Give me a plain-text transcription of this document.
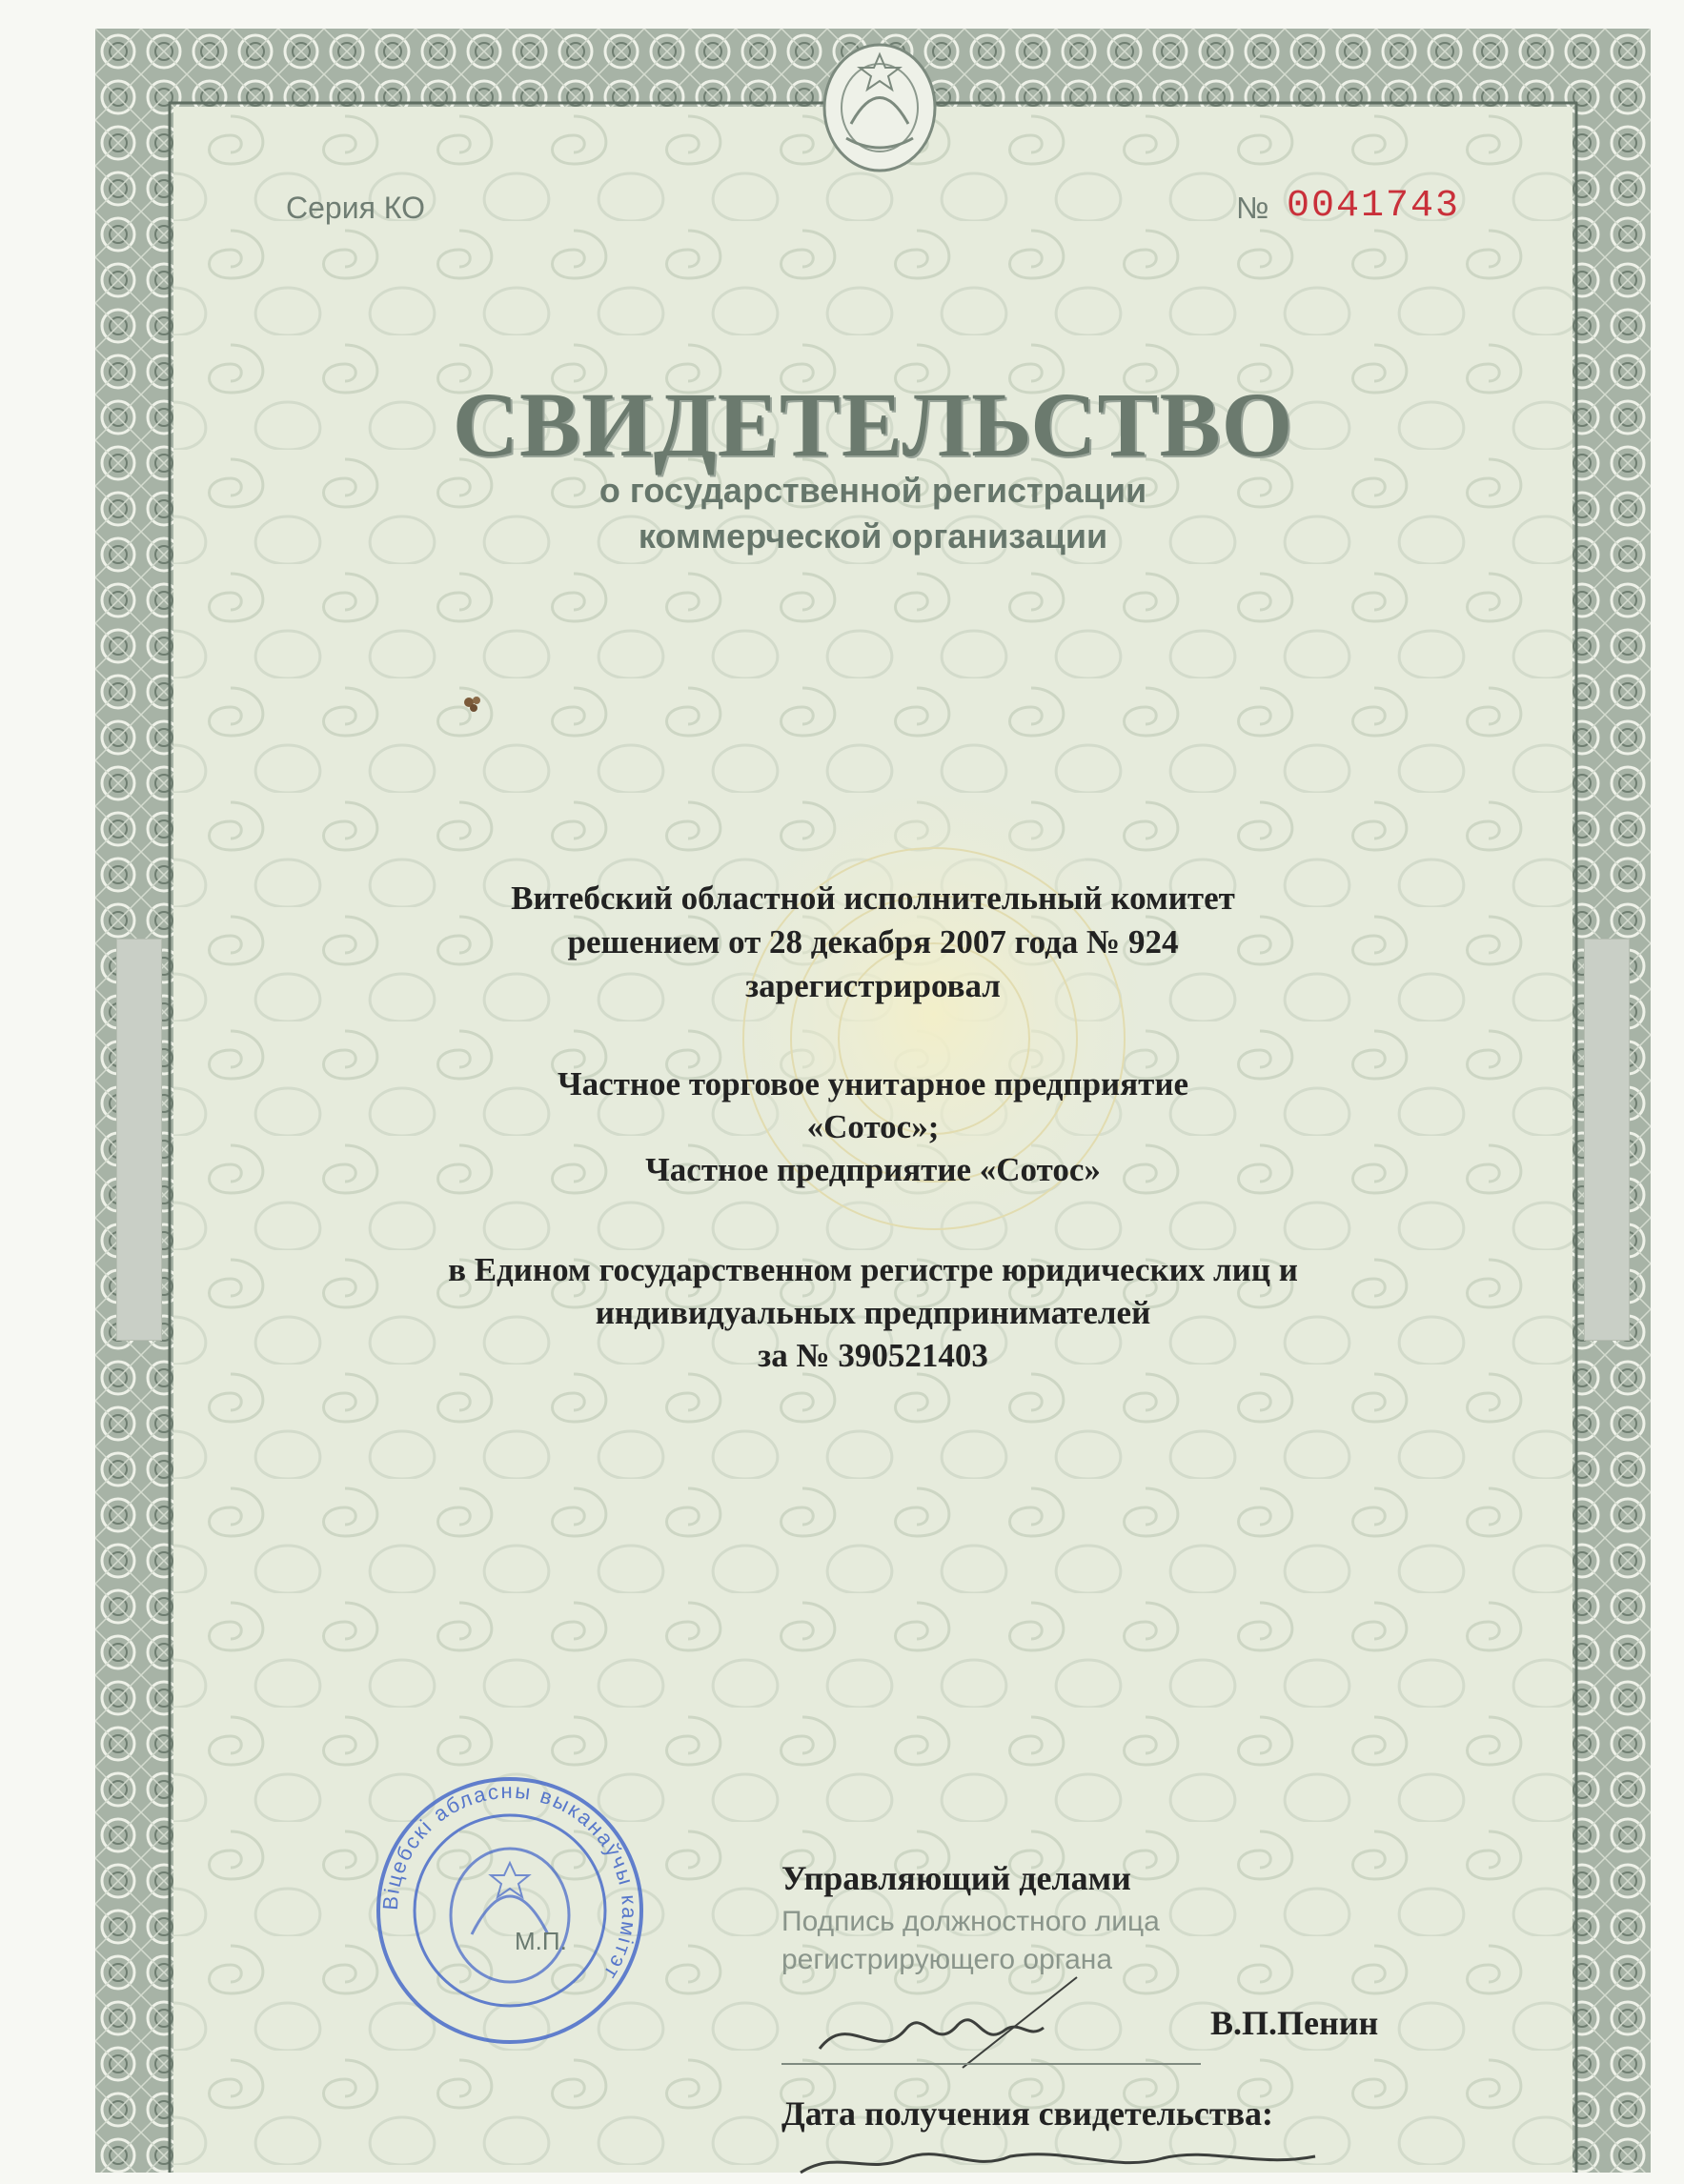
Серия КО	№ 0041743
СВИДЕТЕЛЬСТВО
о государственной регистрации
коммерческой организации
Витебский областной исполнительный комитет
решением от 28 декабря 2007 года № 924
зарегистрировал
Частное торговое унитарное предприятие
«Сотос»;
Частное предприятие «Сотос»
в Едином государственном регистре юридических лиц и
индивидуальных предпринимателей
за № 390521403
Віцебскі абласны выканаўчы камітэт
М.П.
Управляющий делами
Подпись должностного лица
регистрирующего органа
В.П.Пенин
Дата получения свидетельства:
